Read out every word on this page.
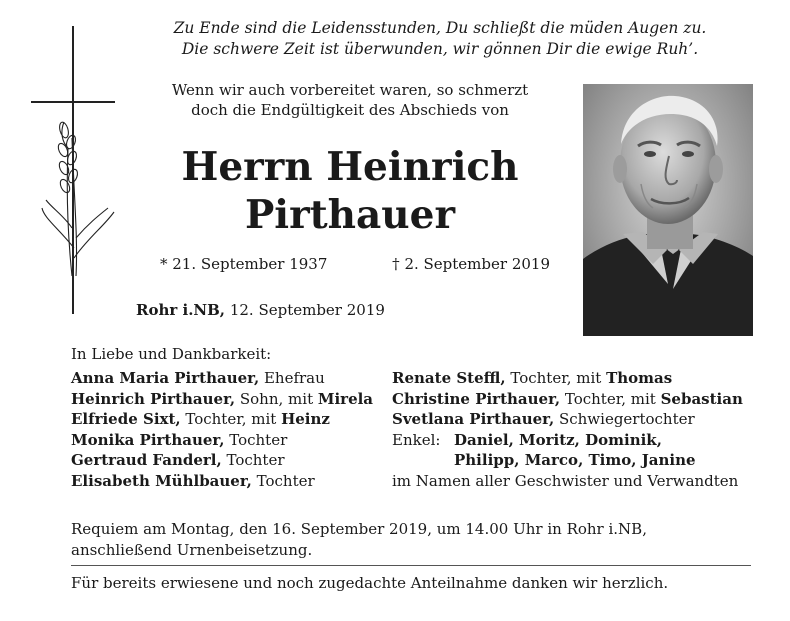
Zu Ende sind die Leidensstunden, Du schließt die müden Augen zu.
Die schwere Zeit ist überwunden, wir gönnen Dir die ewige Ruh’.
Wenn wir auch vorbereitet waren, so schmerzt
doch die Endgültigkeit des Abschieds von
Herrn Heinrich
Pirthauer
* 21. September 1937	† 2. September 2019
Rohr i.NB, 12. September 2019
In Liebe und Dankbarkeit:
Anna Maria Pirthauer, Ehefrau
Heinrich Pirthauer, Sohn, mit Mirela
Elfriede Sixt, Tochter, mit Heinz
Monika Pirthauer, Tochter
Gertraud Fanderl, Tochter
Elisabeth Mühlbauer, Tochter
Renate Steffl, Tochter, mit Thomas
Christine Pirthauer, Tochter, mit Sebastian
Svetlana Pirthauer, Schwiegertochter
Enkel: Daniel, Moritz, Dominik,
Philipp, Marco, Timo, Janine
im Namen aller Geschwister und Verwandten
Requiem am Montag, den 16. September 2019, um 14.00 Uhr in Rohr i.NB,
anschließend Urnenbeisetzung.
Für bereits erwiesene und noch zugedachte Anteilnahme danken wir herzlich.
